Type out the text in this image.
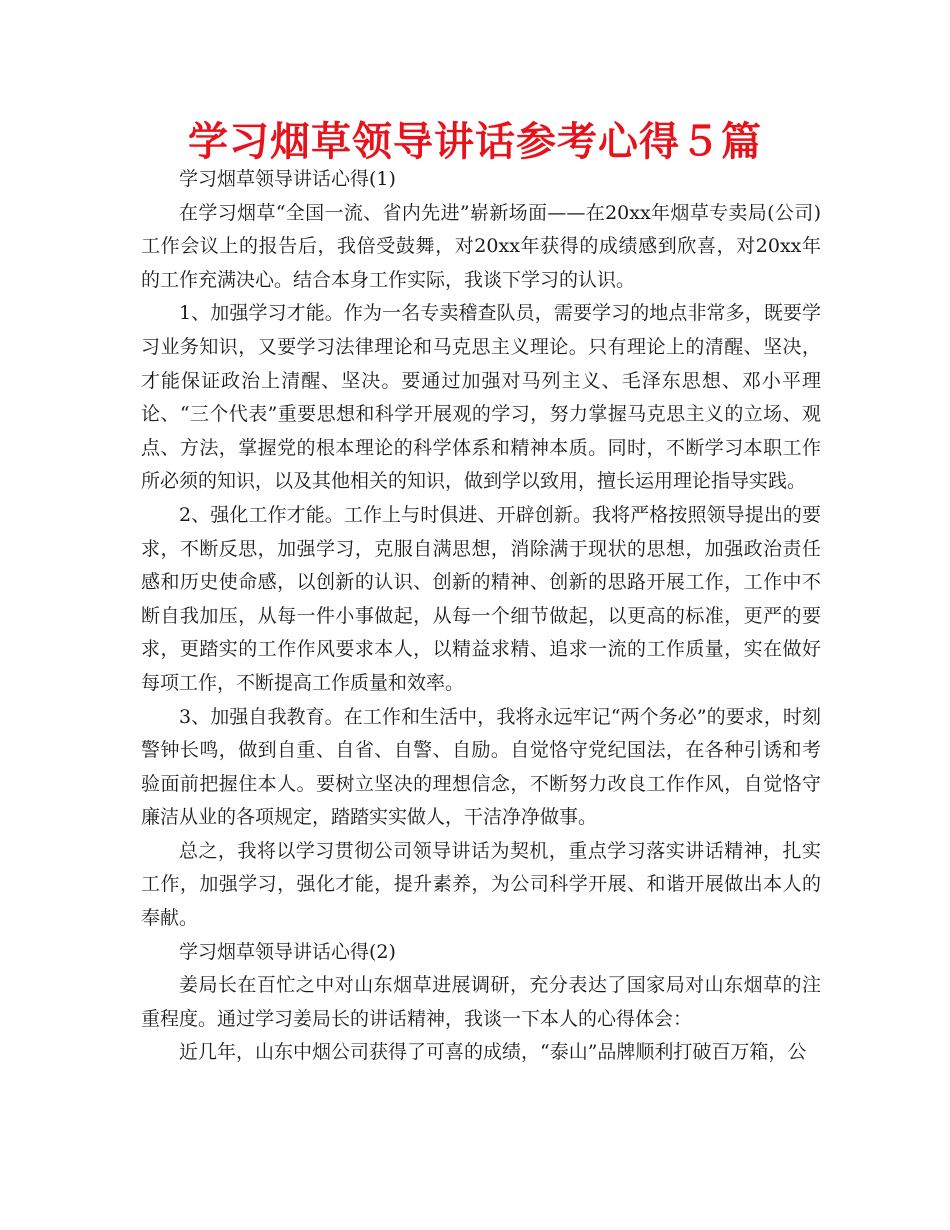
学习烟草领导讲话参考心得５篇

学习烟草领导讲话心得(1)

在学习烟草“全国一流、省内先进”崭新场面——在20xx年烟草专卖局(公司)工作会议上的报告后，我倍受鼓舞，对20xx年获得的成绩感到欣喜，对20xx年的工作充满决心。结合本身工作实际，我谈下学习的认识。

1、加强学习才能。作为一名专卖稽查队员，需要学习的地点非常多，既要学习业务知识，又要学习法律理论和马克思主义理论。只有理论上的清醒、坚决，才能保证政治上清醒、坚决。要通过加强对马列主义、毛泽东思想、邓小平理论、“三个代表”重要思想和科学开展观的学习，努力掌握马克思主义的立场、观点、方法，掌握党的根本理论的科学体系和精神本质。同时，不断学习本职工作所必须的知识，以及其他相关的知识，做到学以致用，擅长运用理论指导实践。

2、强化工作才能。工作上与时俱进、开辟创新。我将严格按照领导提出的要求，不断反思，加强学习，克服自满思想，消除满于现状的思想，加强政治责任感和历史使命感，以创新的认识、创新的精神、创新的思路开展工作，工作中不断自我加压，从每一件小事做起，从每一个细节做起，以更高的标准，更严的要求，更踏实的工作作风要求本人，以精益求精、追求一流的工作质量，实在做好每项工作，不断提高工作质量和效率。

3、加强自我教育。在工作和生活中，我将永远牢记“两个务必”的要求，时刻警钟长鸣，做到自重、自省、自警、自励。自觉恪守党纪国法，在各种引诱和考验面前把握住本人。要树立坚决的理想信念，不断努力改良工作作风，自觉恪守廉洁从业的各项规定，踏踏实实做人，干洁净净做事。

总之，我将以学习贯彻公司领导讲话为契机，重点学习落实讲话精神，扎实工作，加强学习，强化才能，提升素养，为公司科学开展、和谐开展做出本人的奉献。

学习烟草领导讲话心得(2)

姜局长在百忙之中对山东烟草进展调研，充分表达了国家局对山东烟草的注重程度。通过学习姜局长的讲话精神，我谈一下本人的心得体会：

近几年，山东中烟公司获得了可喜的成绩，“泰山”品牌顺利打破百万箱，公
